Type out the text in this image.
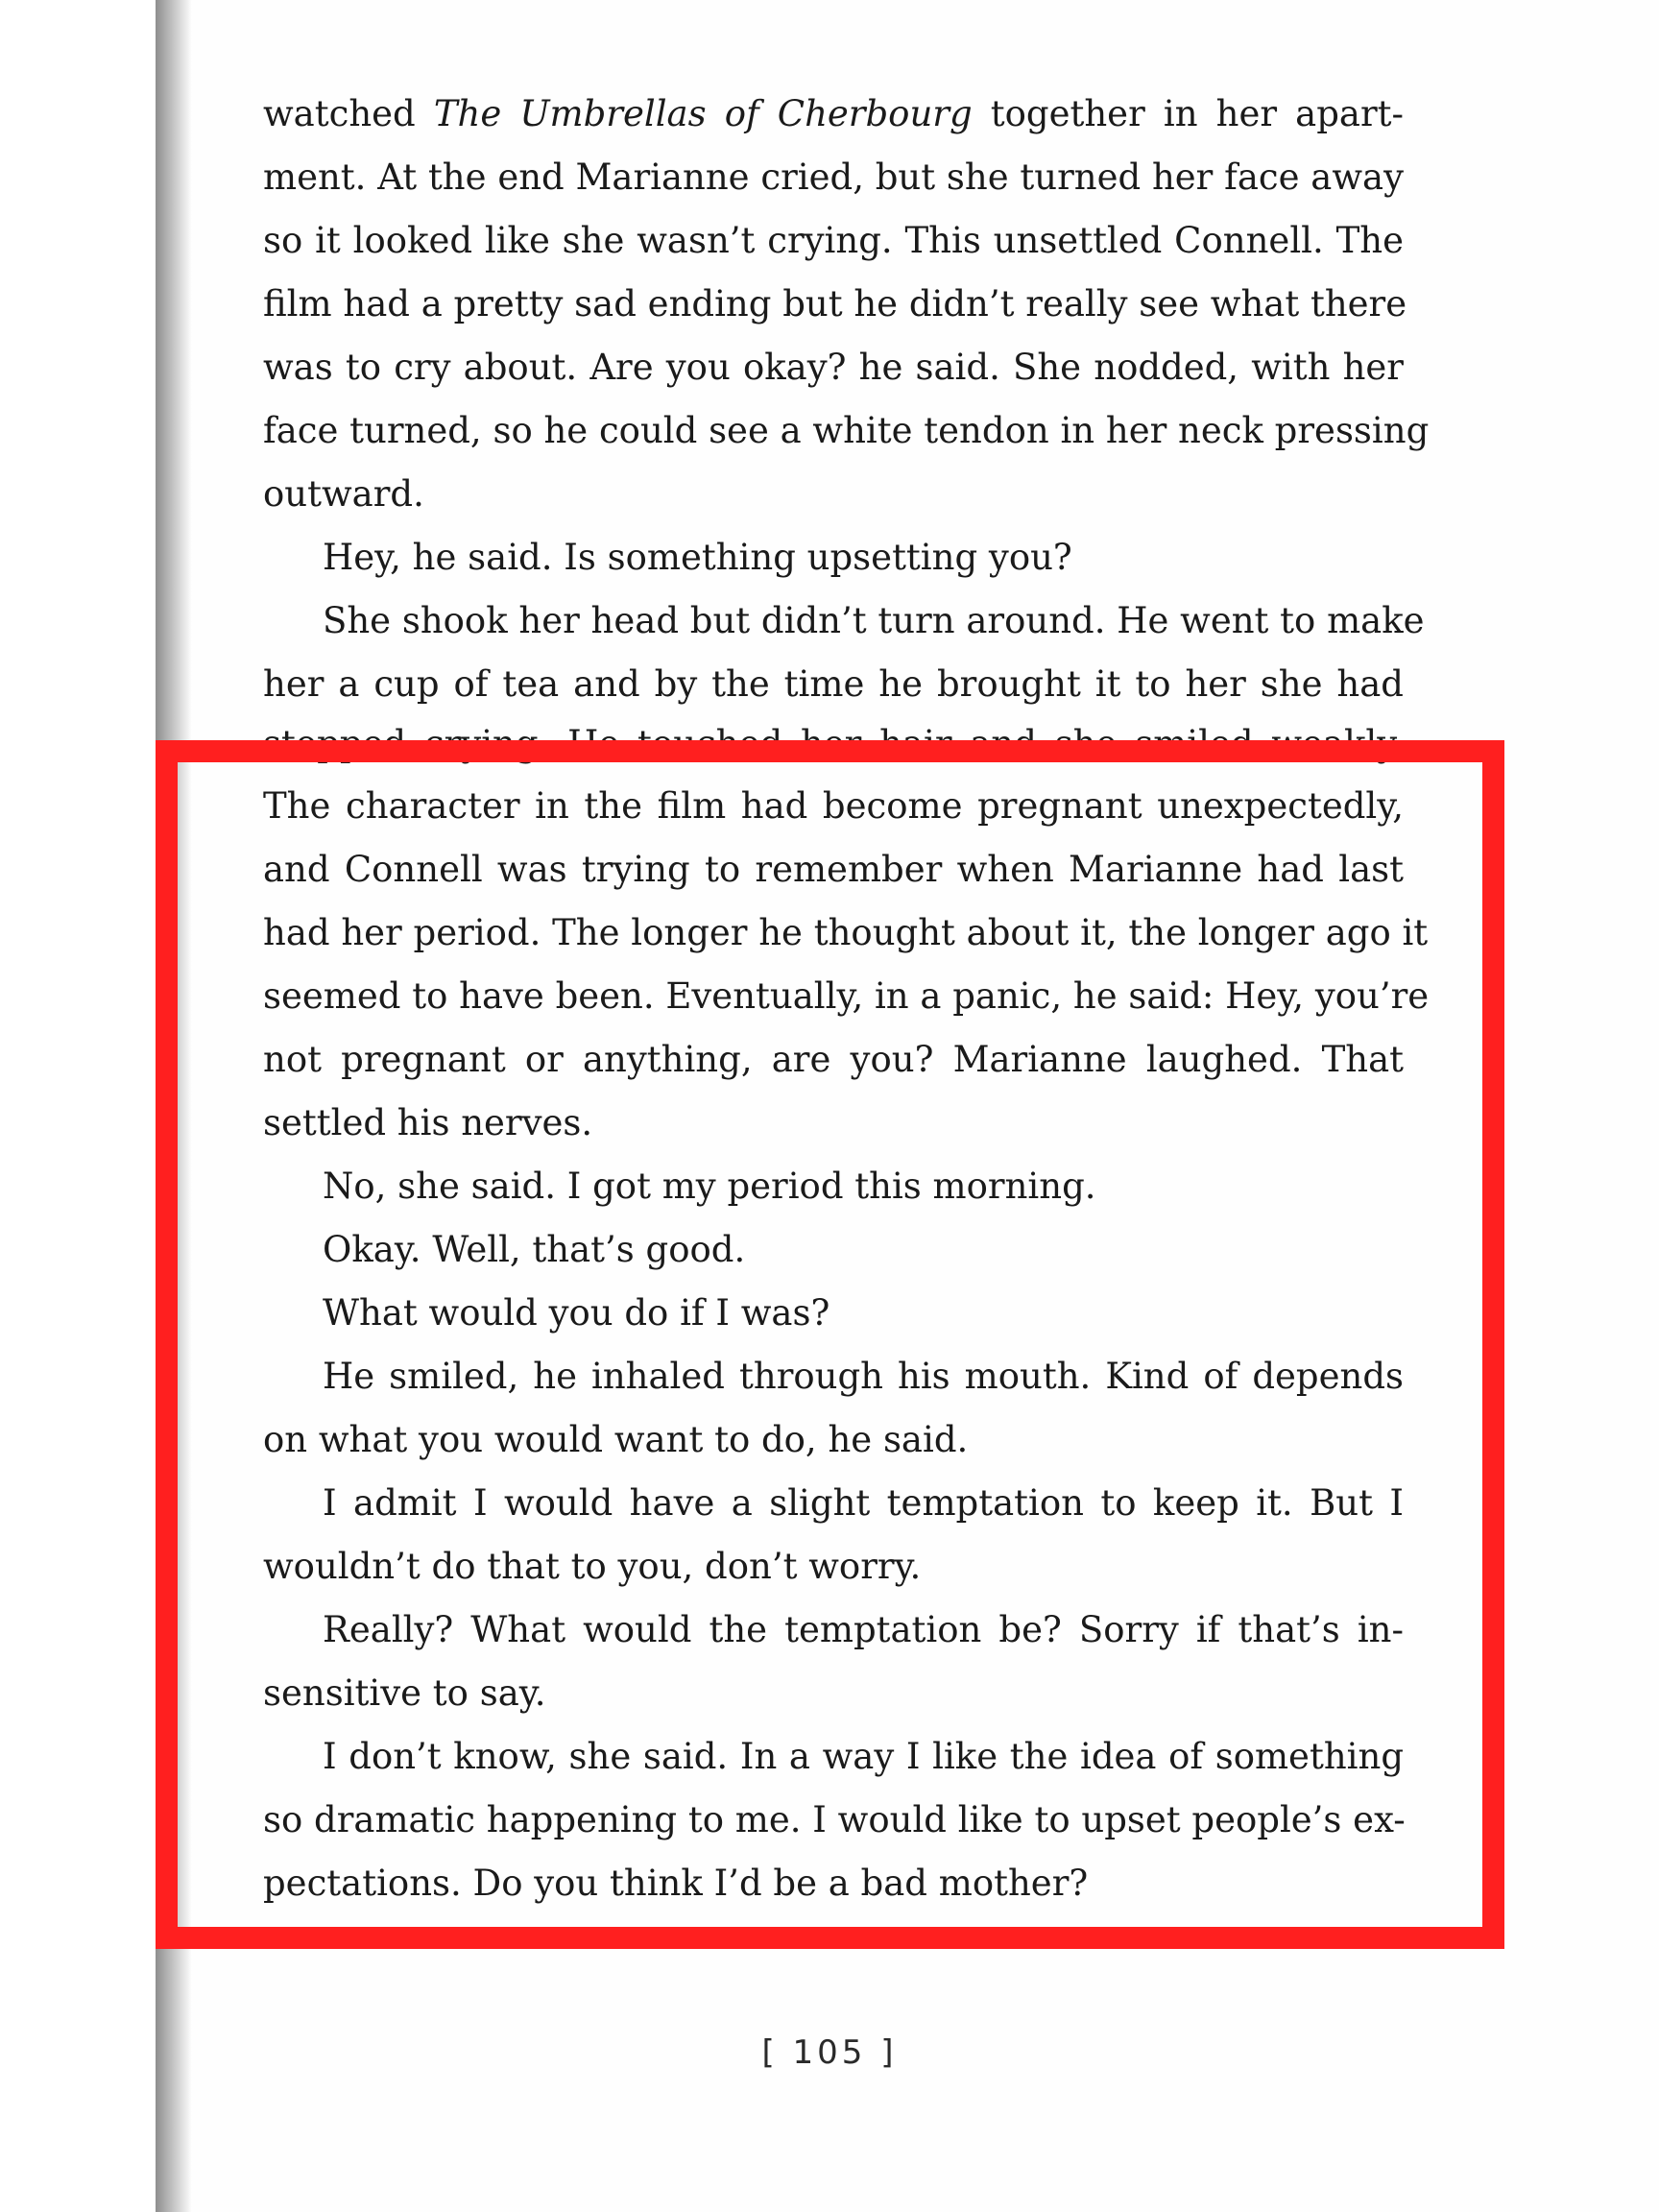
watched The Umbrellas of Cherbourg together in her apart-
ment. At the end Marianne cried, but she turned her face away
so it looked like she wasn’t crying. This unsettled Connell. The
film had a pretty sad ending but he didn’t really see what there
was to cry about. Are you okay? he said. She nodded, with her
face turned, so he could see a white tendon in her neck pressing
outward.
Hey, he said. Is something upsetting you?
She shook her head but didn’t turn around. He went to make
her a cup of tea and by the time he brought it to her she had
stopped crying. He touched her hair and she smiled weakly.
The character in the film had become pregnant unexpectedly,
and Connell was trying to remember when Marianne had last
had her period. The longer he thought about it, the longer ago it
seemed to have been. Eventually, in a panic, he said: Hey, you’re
not pregnant or anything, are you? Marianne laughed. That
settled his nerves.
No, she said. I got my period this morning.
Okay. Well, that’s good.
What would you do if I was?
He smiled, he inhaled through his mouth. Kind of depends
on what you would want to do, he said.
I admit I would have a slight temptation to keep it. But I
wouldn’t do that to you, don’t worry.
Really? What would the temptation be? Sorry if that’s in-
sensitive to say.
I don’t know, she said. In a way I like the idea of something
so dramatic happening to me. I would like to upset people’s ex-
pectations. Do you think I’d be a bad mother?
[ 105 ]
